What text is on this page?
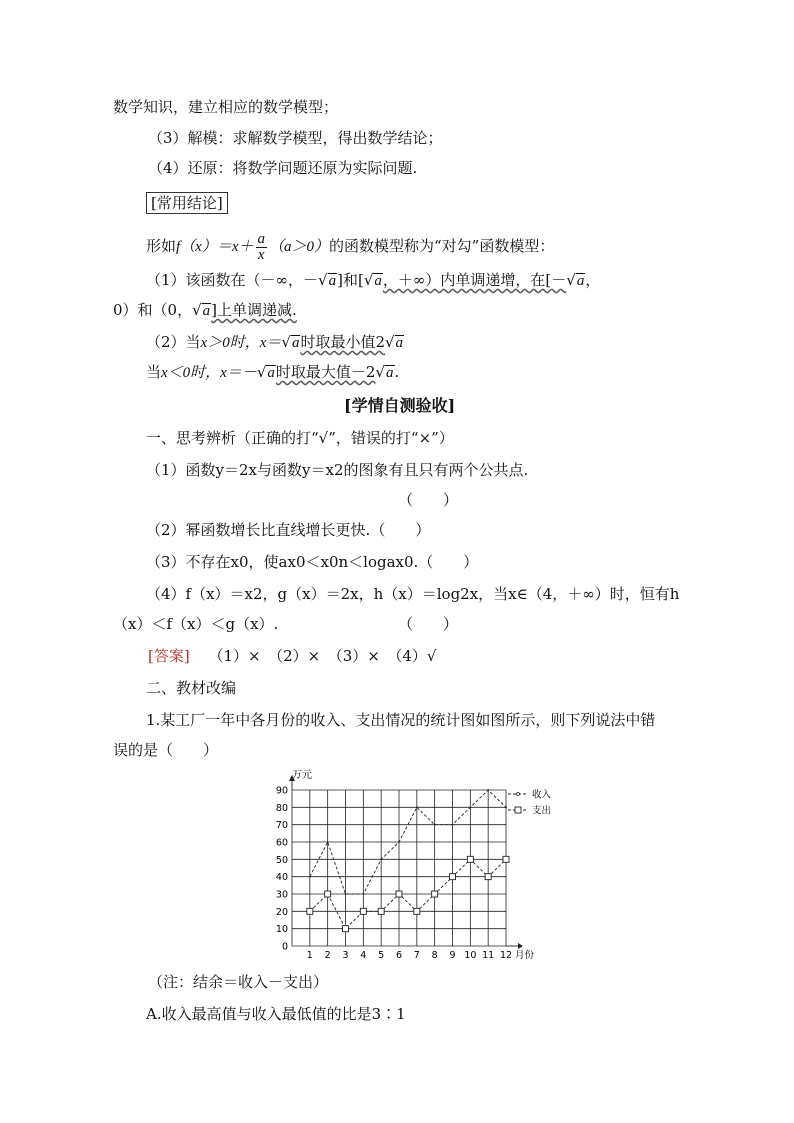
数学知识，建立相应的数学模型；
（3）解模：求解数学模型，得出数学结论；
（4）还原：将数学问题还原为实际问题.
[常用结论]
形如$f(x)=x+ \frac{a}{x} (a>0)$的函数模型称为“对勾”函数模型：
（1）该函数在（－∞，－√a]和[√a，＋∞）内单调递增，在[－√a，
0）和（0，√a]上单调递减.
（2）当x＞0时，x＝√a时取最小值2√a
当x＜0时，x＝－√a时取最大值－2√a.
[学情自测验收]
一、思考辨析（正确的打“√”，错误的打“×”）
（1）函数y＝2x与函数y＝x2的图象有且只有两个公共点.
（　　）
（2）幂函数增长比直线增长更快.（　　）
（3）不存在x0，使ax0＜x0n＜logax0.（　　）
（4）f（x）＝x2，g（x）＝2x，h（x）＝log2x，当x∈（4，＋∞）时，恒有h
（x）＜f（x）＜g（x）.	（　　）
[答案] （1）×　（2）×　（3）×　（4）√
二、教材改编
1.某工厂一年中各月份的收入、支出情况的统计图如图所示，则下列说法中错
误的是（　　）
0
10
20
30
40
50
60
70
80
90
1 2 3 4 5 6 7 8 9 10 11 12 月份
收入
支出
万元
（注：结余＝收入－支出）
A.收入最高值与收入最低值的比是3∶1
